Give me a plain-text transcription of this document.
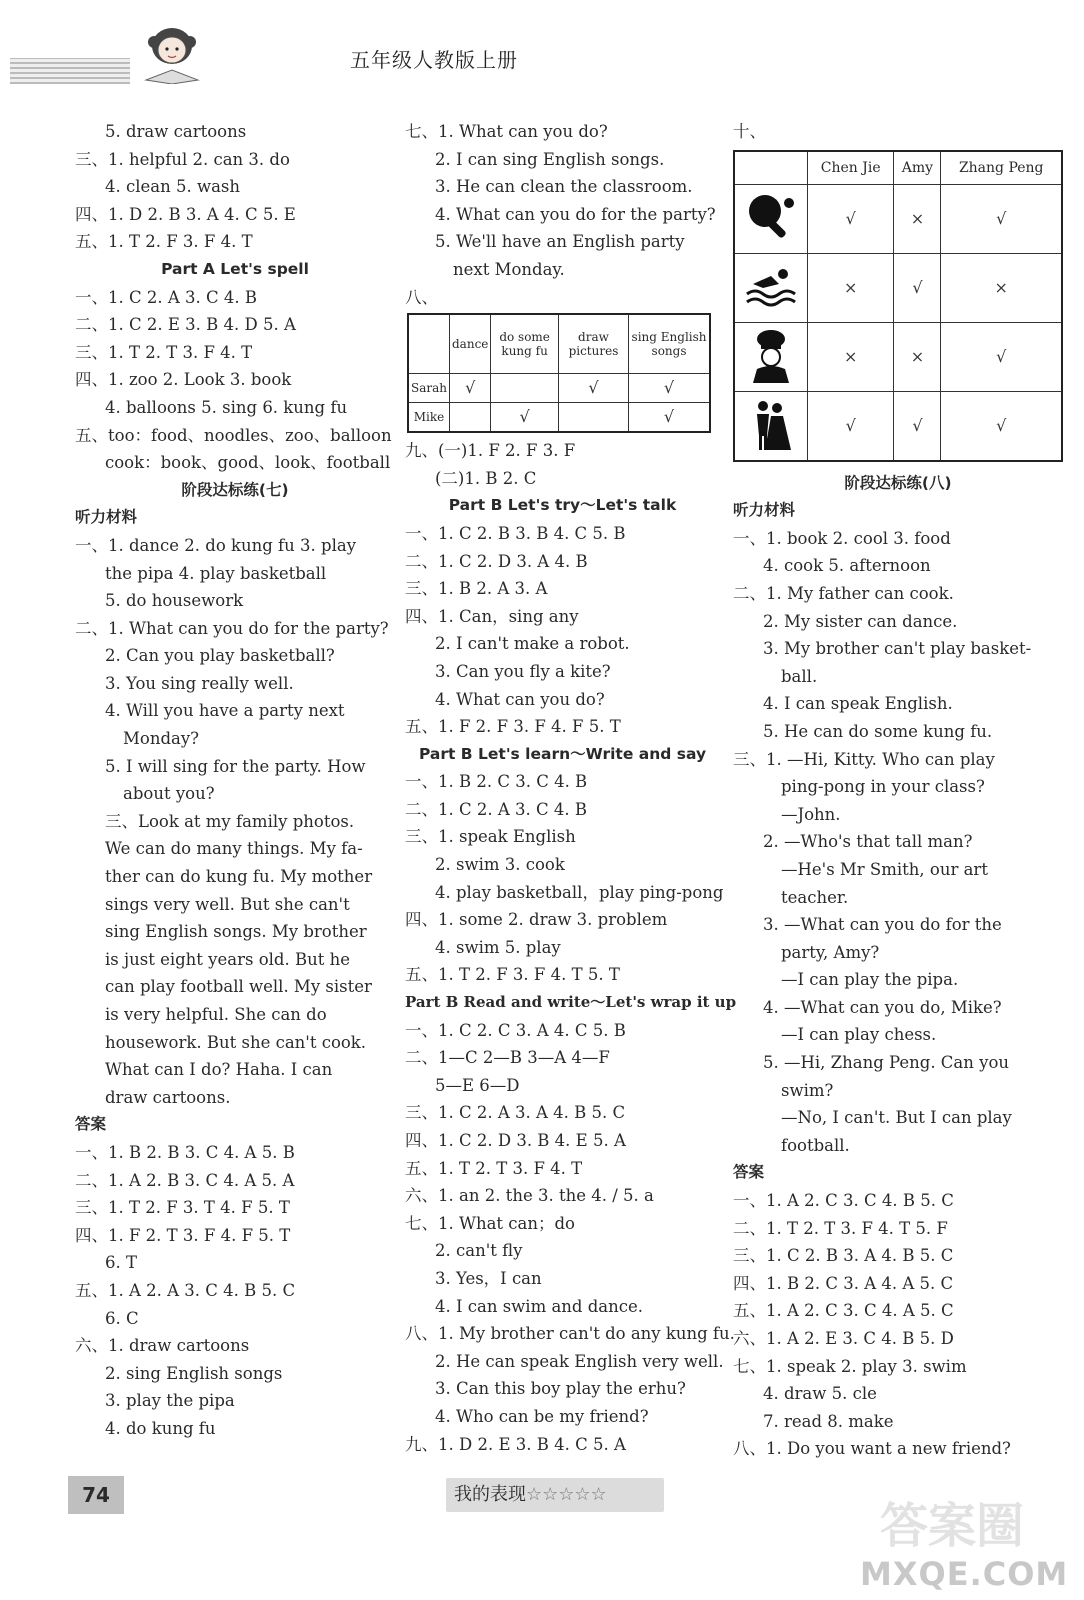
五年级人教版上册
5. draw cartoons
三、1. helpful 2. can 3. do
4. clean 5. wash
四、1. D 2. B 3. A 4. C 5. E
五、1. T 2. F 3. F 4. T
Part A Let's spell
一、1. C 2. A 3. C 4. B
二、1. C 2. E 3. B 4. D 5. A
三、1. T 2. T 3. F 4. T
四、1. zoo 2. Look 3. book
4. balloons 5. sing 6. kung fu
五、too：food、noodles、zoo、balloon
cook：book、good、look、football
阶段达标练(七)
听力材料
一、1. dance 2. do kung fu 3. play
the pipa 4. play basketball
5. do housework
二、1. What can you do for the party?
2. Can you play basketball?
3. You sing really well.
4. Will you have a party next
Monday?
5. I will sing for the party. How
about you?
三、Look at my family photos.
We can do many things. My fa-
ther can do kung fu. My mother
sings very well. But she can't
sing English songs. My brother
is just eight years old. But he
can play football well. My sister
is very helpful. She can do
housework. But she can't cook.
What can I do? Haha. I can
draw cartoons.
答案
一、1. B 2. B 3. C 4. A 5. B
二、1. A 2. B 3. C 4. A 5. A
三、1. T 2. F 3. T 4. F 5. T
四、1. F 2. T 3. F 4. F 5. T
6. T
五、1. A 2. A 3. C 4. B 5. C
6. C
六、1. draw cartoons
2. sing English songs
3. play the pipa
4. do kung fu
七、1. What can you do?
2. I can sing English songs.
3. He can clean the classroom.
4. What can you do for the party?
5. We'll have an English party
next Monday.
八、
	dance	do some kung fu	draw pictures	sing English songs
Sarah	√		√	√
Mike		√		√
九、(一)1. F 2. F 3. F
(二)1. B 2. C
Part B Let's try～Let's talk
一、1. C 2. B 3. B 4. C 5. B
二、1. C 2. D 3. A 4. B
三、1. B 2. A 3. A
四、1. Can，sing any
2. I can't make a robot.
3. Can you fly a kite?
4. What can you do?
五、1. F 2. F 3. F 4. F 5. T
Part B Let's learn～Write and say
一、1. B 2. C 3. C 4. B
二、1. C 2. A 3. C 4. B
三、1. speak English
2. swim 3. cook
4. play basketball，play ping-pong
四、1. some 2. draw 3. problem
4. swim 5. play
五、1. T 2. F 3. F 4. T 5. T
Part B Read and write～Let's wrap it up
一、1. C 2. C 3. A 4. C 5. B
二、1—C 2—B 3—A 4—F
5—E 6—D
三、1. C 2. A 3. A 4. B 5. C
四、1. C 2. D 3. B 4. E 5. A
五、1. T 2. T 3. F 4. T
六、1. an 2. the 3. the 4. / 5. a
七、1. What can；do
2. can't fly
3. Yes，I can
4. I can swim and dance.
八、1. My brother can't do any kung fu.
2. He can speak English very well.
3. Can this boy play the erhu?
4. Who can be my friend?
九、1. D 2. E 3. B 4. C 5. A
十、
	Chen Jie	Amy	Zhang Peng
	√	×	√
	×	√	×
	×	×	√
	√	√	√
阶段达标练(八)
听力材料
一、1. book 2. cool 3. food
4. cook 5. afternoon
二、1. My father can cook.
2. My sister can dance.
3. My brother can't play basket-
ball.
4. I can speak English.
5. He can do some kung fu.
三、1. —Hi, Kitty. Who can play
ping-pong in your class?
—John.
2. —Who's that tall man?
—He's Mr Smith, our art
teacher.
3. —What can you do for the
party, Amy?
—I can play the pipa.
4. —What can you do, Mike?
—I can play chess.
5. —Hi, Zhang Peng. Can you
swim?
—No, I can't. But I can play
football.
答案
一、1. A 2. C 3. C 4. B 5. C
二、1. T 2. T 3. F 4. T 5. F
三、1. C 2. B 3. A 4. B 5. C
四、1. B 2. C 3. A 4. A 5. C
五、1. A 2. C 3. C 4. A 5. C
六、1. A 2. E 3. C 4. B 5. D
七、1. speak 2. play 3. swim
4. draw 5. cle
7. read 8. make
八、1. Do you want a new friend?
74	我的表现☆☆☆☆☆
答案圈
MXQE.COM
